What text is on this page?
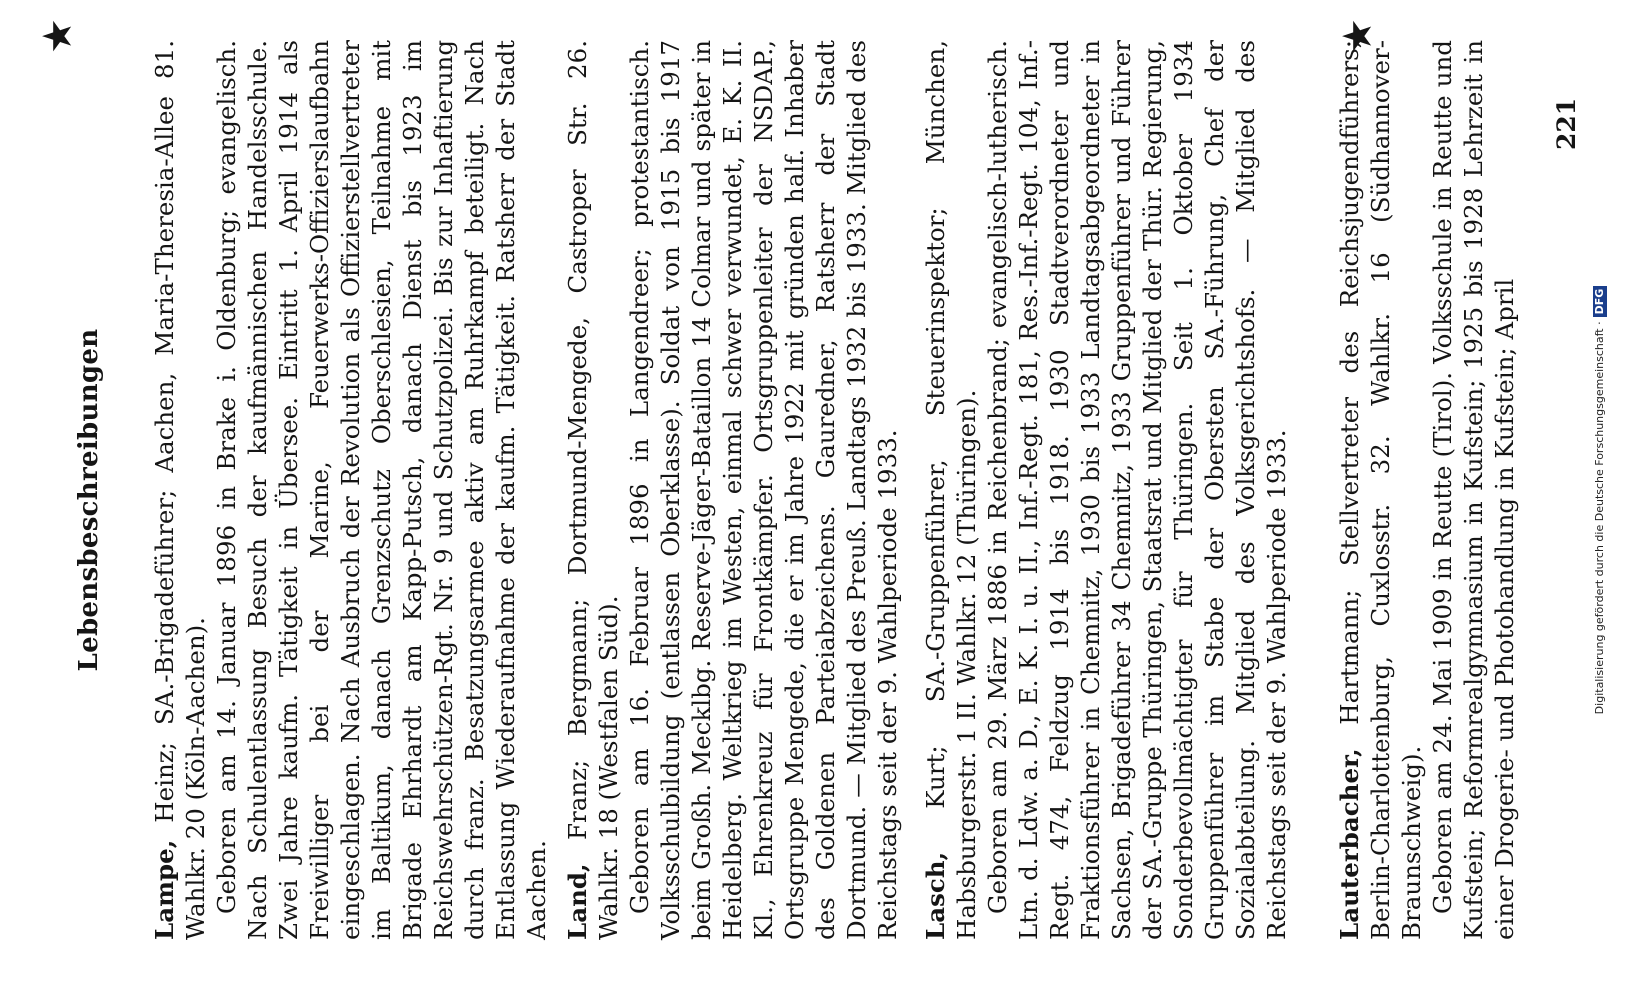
Lebensbeschreibungen
★	★

Lampe, Heinz; SA.-Brigadeführer; Aachen, Maria-Theresia-Allee 81. Wahlkr. 20 (Köln-Aachen). Geboren am 14. Januar 1896 in Brake i. Oldenburg; evangelisch. Nach Schulentlassung Besuch der kaufmännischen Handelsschule. Zwei Jahre kaufm. Tätigkeit in Übersee. Eintritt 1. April 1914 als Freiwilliger bei der Marine, Feuerwerks-Offizierslaufbahn eingeschlagen. Nach Ausbruch der Revolution als Offizierstellvertreter im Baltikum, danach Grenzschutz Oberschlesien, Teilnahme mit Brigade Ehrhardt am Kapp-Putsch, danach Dienst bis 1923 im Reichswehrschützen-Rgt. Nr. 9 und Schutzpolizei. Bis zur Inhaftierung durch franz. Besatzungsarmee aktiv am Ruhrkampf beteiligt. Nach Entlassung Wiederaufnahme der kaufm. Tätigkeit. Ratsherr der Stadt Aachen. Land, Franz; Bergmann; Dortmund-Mengede, Castroper Str. 26. Wahlkr. 18 (Westfalen Süd). Geboren am 16. Februar 1896 in Langendreer; protestantisch. Volksschulbildung (entlassen Oberklasse). Soldat von 1915 bis 1917 beim Großh. Mecklbg. Reserve-Jäger-Bataillon 14 Colmar und später in Heidelberg. Weltkrieg im Westen, einmal schwer verwundet, E. K. II. Kl., Ehrenkreuz für Frontkämpfer. Ortsgruppenleiter der NSDAP., Ortsgruppe Mengede, die er im Jahre 1922 mit gründen half. Inhaber des Goldenen Parteiabzeichens. Gauredner, Ratsherr der Stadt Dortmund. — Mitglied des Preuß. Landtags 1932 bis 1933. Mitglied des Reichstags seit der 9. Wahlperiode 1933. Lasch, Kurt; SA.-Gruppenführer, Steuerinspektor; München, Habsburgerstr. 1 II. Wahlkr. 12 (Thüringen). Geboren am 29. März 1886 in Reichenbrand; evangelisch-lutherisch. Ltn. d. Ldw. a. D., E. K. I. u. II., Inf.-Regt. 181, Res.-Inf.-Regt. 104, Inf.-Regt. 474, Feldzug 1914 bis 1918. 1930 Stadtverordneter und Fraktionsführer in Chemnitz, 1930 bis 1933 Landtagsabgeordneter in Sachsen, Brigadeführer 34 Chemnitz, 1933 Gruppenführer und Führer der SA.-Gruppe Thüringen, Staatsrat und Mitglied der Thür. Regierung, Sonderbevollmächtigter für Thüringen. Seit 1. Oktober 1934 Gruppenführer im Stabe der Obersten SA.-Führung, Chef der Sozialabteilung. Mitglied des Volksgerichtshofs. — Mitglied des Reichstags seit der 9. Wahlperiode 1933. Lauterbacher, Hartmann; Stellvertreter des Reichsjugendführers; Berlin-Charlottenburg, Cuxlosstr. 32. Wahlkr. 16 (Südhannover-Braunschweig). Geboren am 24. Mai 1909 in Reutte (Tirol). Volksschule in Reutte und Kufstein; Reformrealgymnasium in Kufstein; 1925 bis 1928 Lehrzeit in einer Drogerie- und Photohandlung in Kufstein; April

221
Digitalisierung gefördert durch die Deutsche Forschungsgemeinschaft ·DFG
